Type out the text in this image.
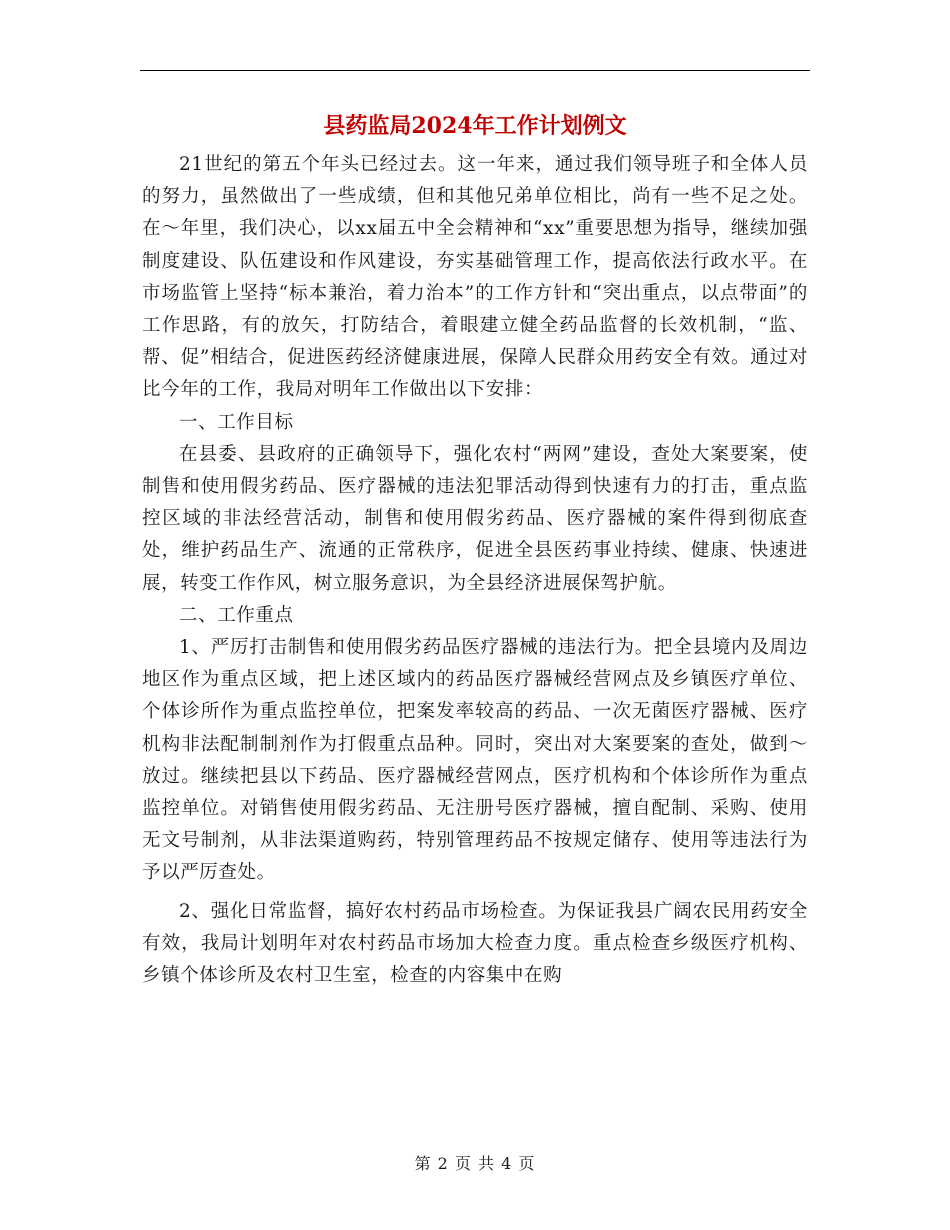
县药监局2024年工作计划例文

21世纪的第五个年头已经过去。这一年来，通过我们领导班子和全体人员的努力，虽然做出了一些成绩，但和其他兄弟单位相比，尚有一些不足之处。在～年里，我们决心，以xx届五中全会精神和“xx”重要思想为指导，继续加强制度建设、队伍建设和作风建设，夯实基础管理工作，提高依法行政水平。在市场监管上坚持“标本兼治，着力治本”的工作方针和“突出重点，以点带面”的工作思路，有的放矢，打防结合，着眼建立健全药品监督的长效机制，“监、帮、促”相结合，促进医药经济健康进展，保障人民群众用药安全有效。通过对比今年的工作，我局对明年工作做出以下安排：

一、工作目标

在县委、县政府的正确领导下，强化农村“两网”建设，查处大案要案，使制售和使用假劣药品、医疗器械的违法犯罪活动得到快速有力的打击，重点监控区域的非法经营活动，制售和使用假劣药品、医疗器械的案件得到彻底查处，维护药品生产、流通的正常秩序，促进全县医药事业持续、健康、快速进展，转变工作作风，树立服务意识，为全县经济进展保驾护航。

二、工作重点

1、严厉打击制售和使用假劣药品医疗器械的违法行为。把全县境内及周边地区作为重点区域，把上述区域内的药品医疗器械经营网点及乡镇医疗单位、个体诊所作为重点监控单位，把案发率较高的药品、一次无菌医疗器械、医疗机构非法配制制剂作为打假重点品种。同时，突出对大案要案的查处，做到～放过。继续把县以下药品、医疗器械经营网点，医疗机构和个体诊所作为重点监控单位。对销售使用假劣药品、无注册号医疗器械，擅自配制、采购、使用无文号制剂，从非法渠道购药，特别管理药品不按规定储存、使用等违法行为予以严厉查处。

2、强化日常监督，搞好农村药品市场检查。为保证我县广阔农民用药安全有效，我局计划明年对农村药品市场加大检查力度。重点检查乡级医疗机构、乡镇个体诊所及农村卫生室，检查的内容集中在购

第 2 页 共 4 页
